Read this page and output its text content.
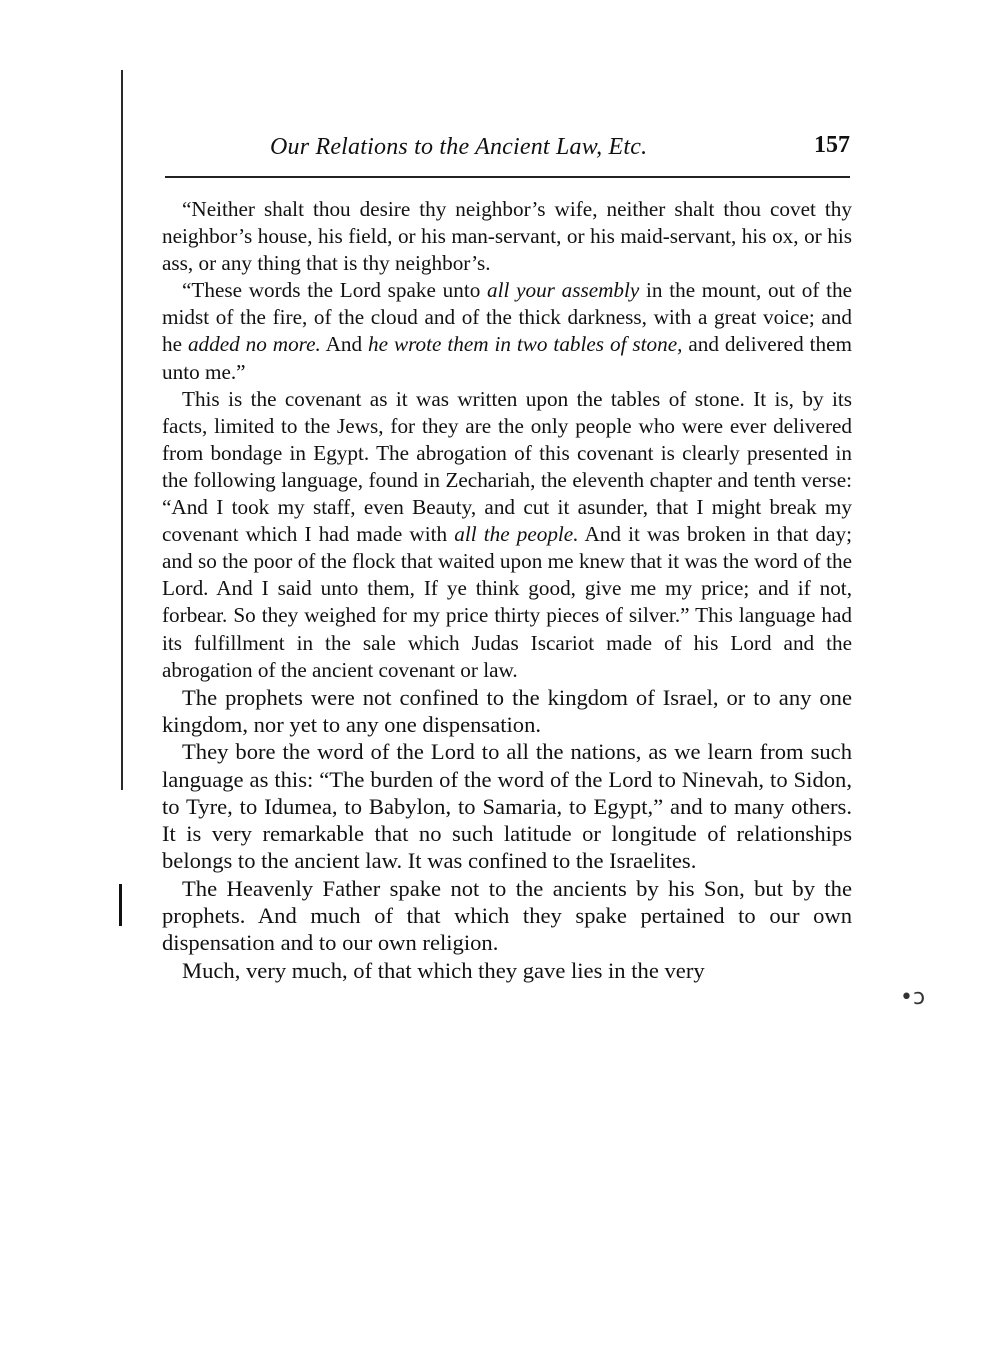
Our Relations to the Ancient Law, Etc.	157

“Neither shalt thou desire thy neighbor’s wife, neither shalt thou covet thy neighbor’s house, his field, or his man-servant, or his maid-servant, his ox, or his ass, or any thing that is thy neighbor’s.

“These words the Lord spake unto all your assembly in the mount, out of the midst of the fire, of the cloud and of the thick darkness, with a great voice; and he added no more. And he wrote them in two tables of stone, and delivered them unto me.”

This is the covenant as it was written upon the tables of stone. It is, by its facts, limited to the Jews, for they are the only people who were ever delivered from bondage in Egypt. The abrogation of this covenant is clearly presented in the following language, found in Zechariah, the eleventh chapter and tenth verse: “And I took my staff, even Beauty, and cut it asunder, that I might break my covenant which I had made with all the people. And it was broken in that day; and so the poor of the flock that waited upon me knew that it was the word of the Lord. And I said unto them, If ye think good, give me my price; and if not, forbear. So they weighed for my price thirty pieces of silver.” This language had its fulfillment in the sale which Judas Iscariot made of his Lord and the abrogation of the ancient covenant or law.

The prophets were not confined to the kingdom of Israel, or to any one kingdom, nor yet to any one dispensation.

They bore the word of the Lord to all the nations, as we learn from such language as this: “The burden of the word of the Lord to Ninevah, to Sidon, to Tyre, to Idumea, to Babylon, to Samaria, to Egypt,” and to many others. It is very remarkable that no such latitude or longitude of relationships belongs to the ancient law. It was confined to the Israelites.

The Heavenly Father spake not to the ancients by his Son, but by the prophets. And much of that which they spake pertained to our own dispensation and to our own religion.

Much, very much, of that which they gave lies in the very

•ↄ
